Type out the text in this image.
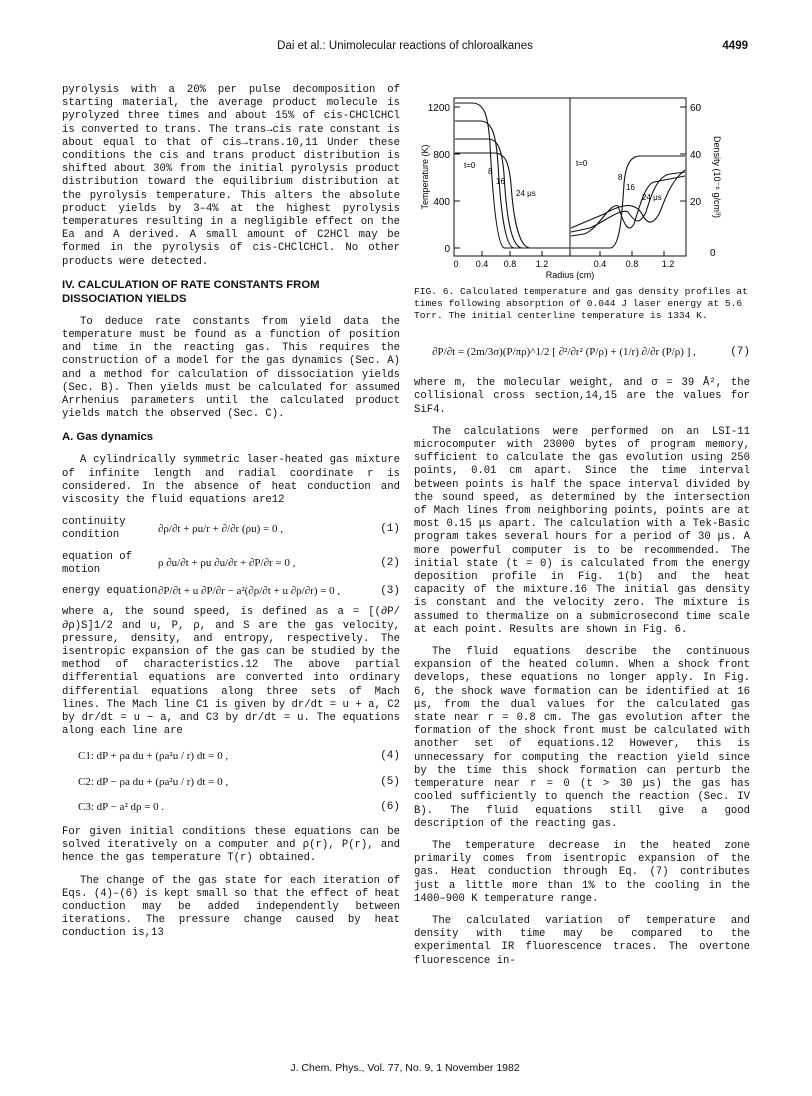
Dai et al.: Unimolecular reactions of chloroalkanes	4499

pyrolysis with a 20% per pulse decomposition of starting material, the average product molecule is pyrolyzed three times and about 15% of cis-CHClCHCl is converted to trans. The trans→cis rate constant is about equal to that of cis→trans.10,11 Under these conditions the cis and trans product distribution is shifted about 30% from the initial pyrolysis product distribution toward the equilibrium distribution at the pyrolysis temperature. This alters the absolute product yields by 3–4% at the highest pyrolysis temperatures resulting in a negligible effect on the Ea and A derived. A small amount of C2HCl may be formed in the pyrolysis of cis-CHClCHCl. No other products were detected.

IV. CALCULATION OF RATE CONSTANTS FROM DISSOCIATION YIELDS

To deduce rate constants from yield data the temperature must be found as a function of position and time in the reacting gas. This requires the construction of a model for the gas dynamics (Sec. A) and a method for calculation of dissociation yields (Sec. B). Then yields must be calculated for assumed Arrhenius parameters until the calculated product yields match the observed (Sec. C).

A. Gas dynamics

A cylindrically symmetric laser-heated gas mixture of infinite length and radial coordinate r is considered. In the absence of heat conduction and viscosity the fluid equations are12

continuity condition
∂ρ/∂t + ρu/r + ∂/∂r (ρu) = 0 ,	(1)
equation of motion
ρ ∂u/∂t + ρu ∂u/∂r + ∂P/∂r = 0 ,	(2)
energy equation ∂P/∂t + u ∂P/∂r − a²(∂ρ/∂t + u ∂ρ/∂r) = 0 ,	(3)

where a, the sound speed, is defined as a = [(∂P/∂ρ)S]1/2 and u, P, ρ, and S are the gas velocity, pressure, density, and entropy, respectively. The isentropic expansion of the gas can be studied by the method of characteristics.12 The above partial differential equations are converted into ordinary differential equations along three sets of Mach lines. The Mach line C1 is given by dr/dt = u + a, C2 by dr/dt = u − a, and C3 by dr/dt = u. The equations along each line are

C1: dP + ρa du + (ρa²u / r) dt = 0 ,	(4)
C2: dP − ρa du + (ρa²u / r) dt = 0 ,	(5)
C3: dP − a² dρ = 0 .	(6)

For given initial conditions these equations can be solved iteratively on a computer and ρ(r), P(r), and hence the gas temperature T(r) obtained.

The change of the gas state for each iteration of Eqs. (4)–(6) is kept small so that the effect of heat conduction may be added independently between iterations. The pressure change caused by heat conduction is,13

1200
800
400
0
60
40
20
0
0 0.4 0.8 1.2	0.4 0.8	1.2
Radius (cm)
Temperature (K)	Density (10⁻⁶ g/cm³)
t=0
8
16
24 μs
t=0
8
16
24 μs
FIG. 6. Calculated temperature and gas density profiles at times following absorption of 0.044 J laser energy at 5.6 Torr. The initial centerline temperature is 1334 K.
∂P/∂t = (2m/3σ)(P/πρ)^1/2 [ ∂²/∂r² (P/ρ) + (1/r) ∂/∂r (P/ρ) ] ,	(7)

where m, the molecular weight, and σ = 39 Å², the collisional cross section,14,15 are the values for SiF4.

The calculations were performed on an LSI-11 microcomputer with 23000 bytes of program memory, sufficient to calculate the gas evolution using 250 points, 0.01 cm apart. Since the time interval between points is half the space interval divided by the sound speed, as determined by the intersection of Mach lines from neighboring points, points are at most 0.15 μs apart. The calculation with a Tek-Basic program takes several hours for a period of 30 μs. A more powerful computer is to be recommended. The initial state (t = 0) is calculated from the energy deposition profile in Fig. 1(b) and the heat capacity of the mixture.16 The initial gas density is constant and the velocity zero. The mixture is assumed to thermalize on a submicrosecond time scale at each point. Results are shown in Fig. 6.

The fluid equations describe the continuous expansion of the heated column. When a shock front develops, these equations no longer apply. In Fig. 6, the shock wave formation can be identified at 16 μs, from the dual values for the calculated gas state near r = 0.8 cm. The gas evolution after the formation of the shock front must be calculated with another set of equations.12 However, this is unnecessary for computing the reaction yield since by the time this shock formation can perturb the temperature near r = 0 (t > 30 μs) the gas has cooled sufficiently to quench the reaction (Sec. IV B). The fluid equations still give a good description of the reacting gas.

The temperature decrease in the heated zone primarily comes from isentropic expansion of the gas. Heat conduction through Eq. (7) contributes just a little more than 1% to the cooling in the 1400–900 K temperature range.

The calculated variation of temperature and density with time may be compared to the experimental IR fluorescence traces. The overtone fluorescence in-

J. Chem. Phys., Vol. 77, No. 9, 1 November 1982
